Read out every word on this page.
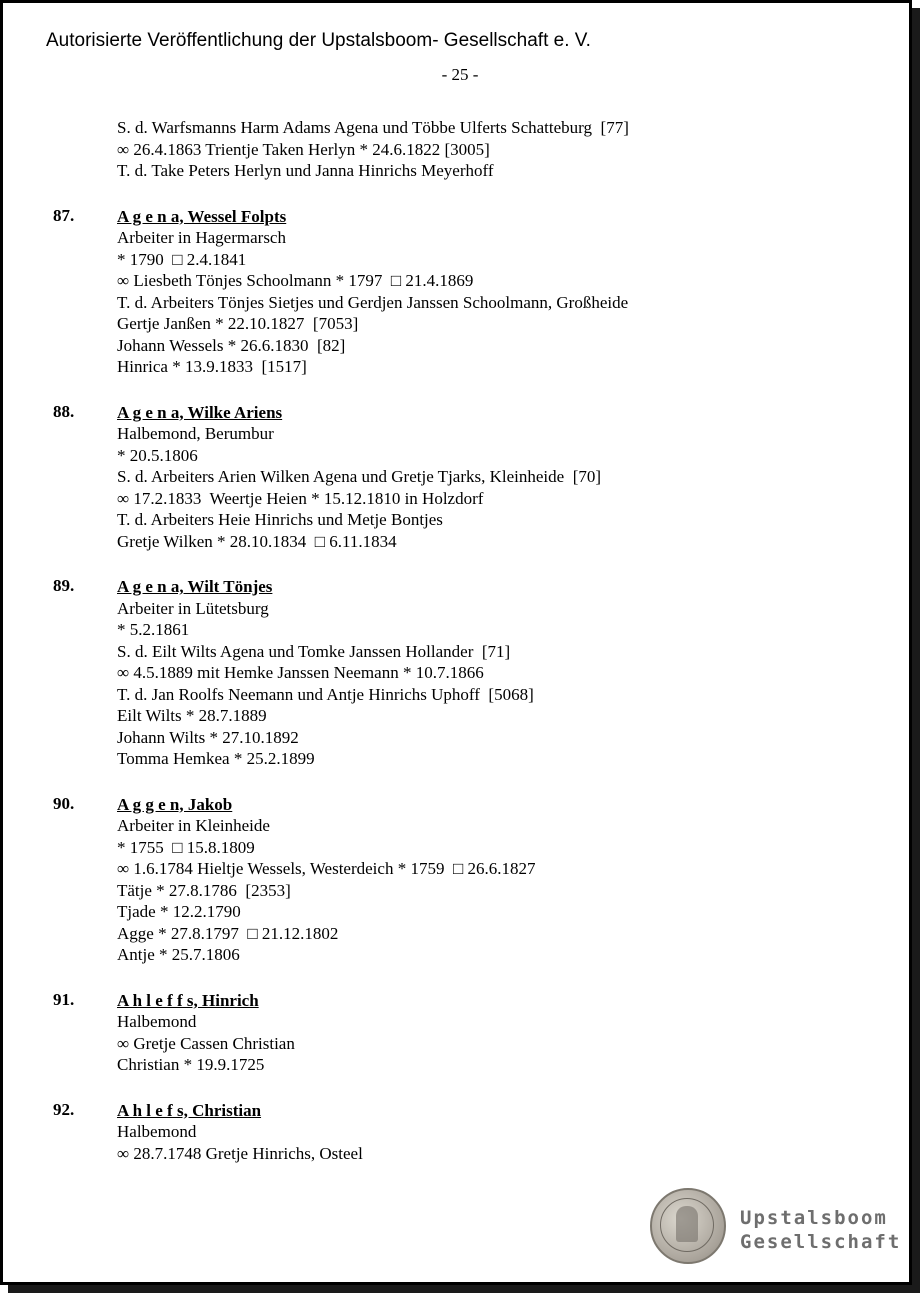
Autorisierte Veröffentlichung der Upstalsboom- Gesellschaft e. V.
- 25 -
S. d. Warfsmanns Harm Adams Agena und Többe Ulferts Schatteburg  [77]
∞ 26.4.1863 Trientje Taken Herlyn * 24.6.1822 [3005]
T. d. Take Peters Herlyn und Janna Hinrichs Meyerhoff
87.	A g e n a, Wessel Folpts
Arbeiter in Hagermarsch
* 1790  □ 2.4.1841
∞ Liesbeth Tönjes Schoolmann * 1797  □ 21.4.1869
T. d. Arbeiters Tönjes Sietjes und Gerdjen Janssen Schoolmann, Großheide
Gertje Janßen * 22.10.1827  [7053]
Johann Wessels * 26.6.1830  [82]
Hinrica * 13.9.1833  [1517]
88.	A g e n a, Wilke Ariens
Halbemond, Berumbur
* 20.5.1806
S. d. Arbeiters Arien Wilken Agena und Gretje Tjarks, Kleinheide  [70]
∞ 17.2.1833  Weertje Heien * 15.12.1810 in Holzdorf
T. d. Arbeiters Heie Hinrichs und Metje Bontjes
Gretje Wilken * 28.10.1834  □ 6.11.1834
89.	A g e n a, Wilt Tönjes
Arbeiter in Lütetsburg
* 5.2.1861
S. d. Eilt Wilts Agena und Tomke Janssen Hollander  [71]
∞ 4.5.1889 mit Hemke Janssen Neemann * 10.7.1866
T. d. Jan Roolfs Neemann und Antje Hinrichs Uphoff  [5068]
Eilt Wilts * 28.7.1889
Johann Wilts * 27.10.1892
Tomma Hemkea * 25.2.1899
90.	A g g e n, Jakob
Arbeiter in Kleinheide
* 1755  □ 15.8.1809
∞ 1.6.1784 Hieltje Wessels, Westerdeich * 1759  □ 26.6.1827
Tätje * 27.8.1786  [2353]
Tjade * 12.2.1790
Agge * 27.8.1797  □ 21.12.1802
Antje * 25.7.1806
91.	A h l e f f s, Hinrich
Halbemond
∞ Gretje Cassen Christian
Christian * 19.9.1725
92.	A h l e f s, Christian
Halbemond
∞ 28.7.1748 Gretje Hinrichs, Osteel
Upstalsboom
Gesellschaft
